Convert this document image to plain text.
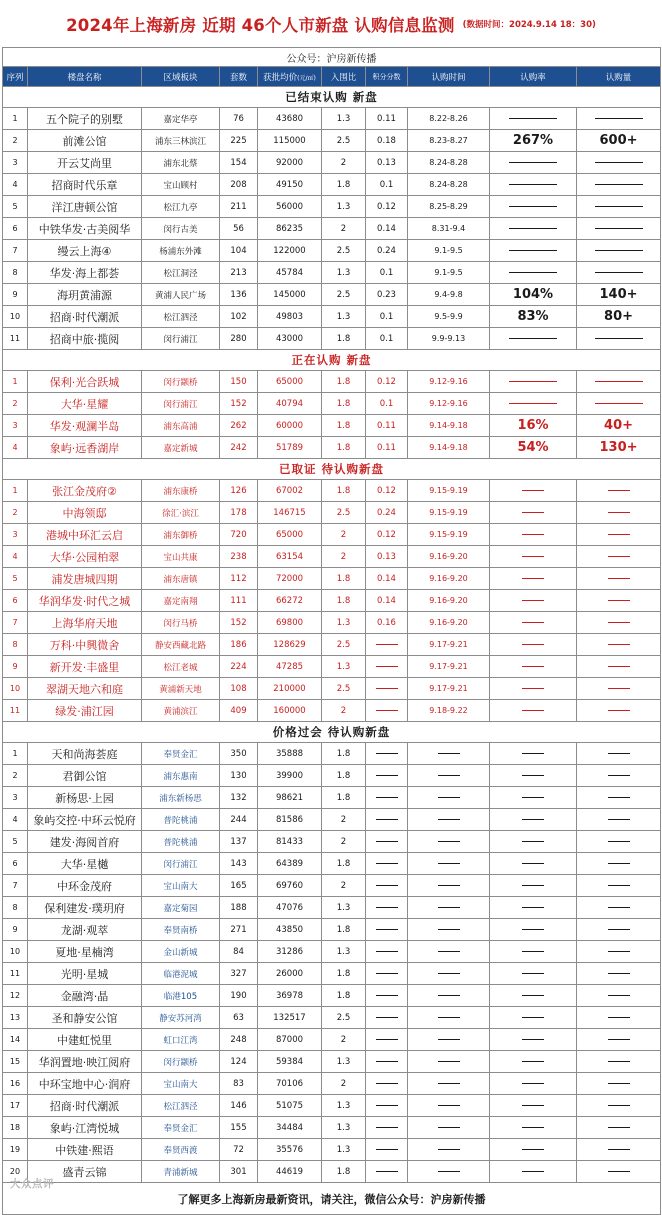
2024年上海新房 近期 46个人市新盘 认购信息监测 (数据时间：2024.9.14 18：30)
公众号：沪房新传播									
序列	楼盘名称	区域板块	套数	获批均价(元/㎡)	入围比	积分分数	认购时间	认购率	认购量
已结束认购 新盘									
1	五个院子的别墅	嘉定华亭	76	43680	1.3	0.11	8.22-8.26		
2	前滩公馆	浦东三林滨江	225	115000	2.5	0.18	8.23-8.27	267%	600+
3	开云艾尚里	浦东北蔡	154	92000	2	0.13	8.24-8.28		
4	招商时代乐章	宝山顾村	208	49150	1.8	0.1	8.24-8.28		
5	洋江唐顿公馆	松江九亭	211	56000	1.3	0.12	8.25-8.29		
6	中铁华发·古美阅华	闵行古美	56	86235	2	0.14	8.31-9.4		
7	缦云上海④	杨浦东外滩	104	122000	2.5	0.24	9.1-9.5		
8	华发·海上都荟	松江洞泾	213	45784	1.3	0.1	9.1-9.5		
9	海玥黄浦源	黄浦人民广场	136	145000	2.5	0.23	9.4-9.8	104%	140+
10	招商·时代潮派	松江泗泾	102	49803	1.3	0.1	9.5-9.9	83%	80+
11	招商中旅·揽阅	闵行浦江	280	43000	1.8	0.1	9.9-9.13		
正在认购 新盘									
1	保利·光合跃城	闵行颛桥	150	65000	1.8	0.12	9.12-9.16		
2	大华·星耀	闵行浦江	152	40794	1.8	0.1	9.12-9.16		
3	华发·观澜半岛	浦东高浦	262	60000	1.8	0.11	9.14-9.18	16%	40+
4	象屿·远香湖岸	嘉定新城	242	51789	1.8	0.11	9.14-9.18	54%	130+
已取证 待认购新盘									
1	张江金茂府②	浦东康桥	126	67002	1.8	0.12	9.15-9.19		
2	中海领邸	徐汇·滨江	178	146715	2.5	0.24	9.15-9.19		
3	港城中环汇云启	浦东御桥	720	65000	2	0.12	9.15-9.19		
4	大华·公园柏翠	宝山共康	238	63154	2	0.13	9.16-9.20		
5	浦发唐城四期	浦东唐镇	112	72000	1.8	0.14	9.16-9.20		
6	华润华发·时代之城	嘉定南翔	111	66272	1.8	0.14	9.16-9.20		
7	上海华府天地	闵行马桥	152	69800	1.3	0.16	9.16-9.20		
8	万科·中興微舍	静安西藏北路	186	128629	2.5		9.17-9.21		
9	新开发·丰盛里	松江老城	224	47285	1.3		9.17-9.21		
10	翠湖天地六和庭	黄浦新天地	108	210000	2.5		9.17-9.21		
11	绿发·浦江园	黄浦滨江	409	160000	2		9.18-9.22		
价格过会 待认购新盘									
1	天和尚海荟庭	奉贤金汇	350	35888	1.8				
2	君御公馆	浦东惠南	130	39900	1.8				
3	新杨思·上园	浦东新杨思	132	98621	1.8				
4	象屿交控·中环云悦府	普陀桃浦	244	81586	2				
5	建发·海阅首府	普陀桃浦	137	81433	2				
6	大华·星樾	闵行浦江	143	64389	1.8				
7	中环金茂府	宝山南大	165	69760	2				
8	保利建发·璞玥府	嘉定菊园	188	47076	1.3				
9	龙湖·观萃	奉贤南桥	271	43850	1.8				
10	夏地·星楠湾	金山新城	84	31286	1.3				
11	光明·星城	临港泥城	327	26000	1.8				
12	金融湾·晶	临港105	190	36978	1.8				
13	圣和静安公馆	静安苏河湾	63	132517	2.5				
14	中建虹悦里	虹口江湾	248	87000	2				
15	华润置地·映江阅府	闵行颛桥	124	59384	1.3				
16	中环宝地中心·润府	宝山南大	83	70106	2				
17	招商·时代潮派	松江泗泾	146	51075	1.3				
18	象屿·江湾悦城	奉贤金汇	155	34484	1.3				
19	中铁建·熙语	奉贤西渡	72	35576	1.3				
20	盛青云锦	青浦新城	301	44619	1.8				
了解更多上海新房最新资讯，请关注，微信公众号：沪房新传播									
大众点评
